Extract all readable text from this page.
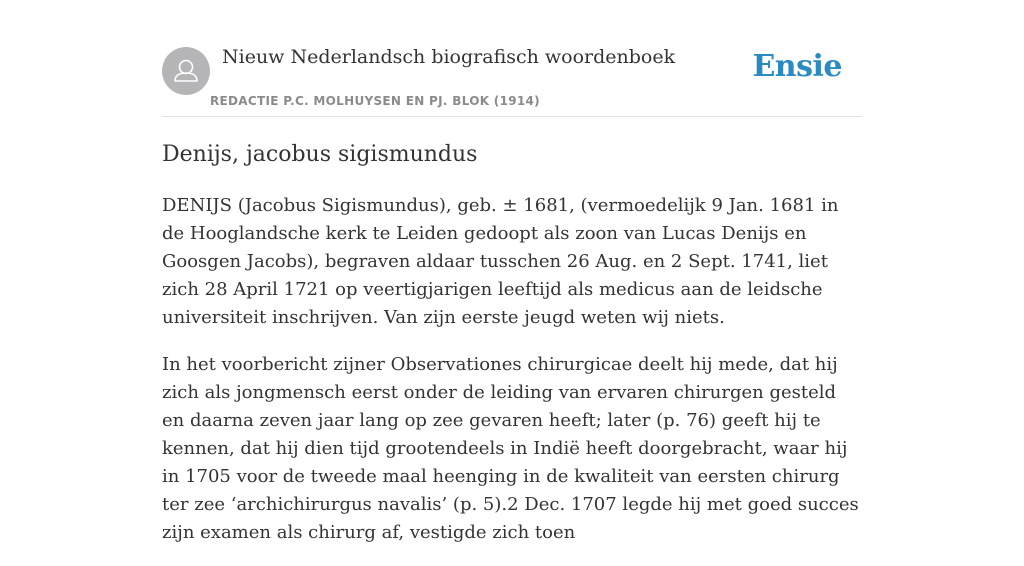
Nieuw Nederlandsch biografisch woordenboek
REDACTIE P.C. MOLHUYSEN EN PJ. BLOK (1914)
Ensie
Denijs, jacobus sigismundus

DENIJS (Jacobus Sigismundus), geb. ± 1681, (vermoedelijk 9 Jan. 1681 in de Hooglandsche kerk te Leiden gedoopt als zoon van Lucas Denijs en Goosgen Jacobs), begraven aldaar tusschen 26 Aug. en 2 Sept. 1741, liet zich 28 April 1721 op veertigjarigen leeftijd als medicus aan de leidsche universiteit inschrijven. Van zijn eerste jeugd weten wij niets.

In het voorbericht zijner Observationes chirurgicae deelt hij mede, dat hij zich als jongmensch eerst onder de leiding van ervaren chirurgen gesteld en daarna zeven jaar lang op zee gevaren heeft; later (p. 76) geeft hij te kennen, dat hij dien tijd grootendeels in Indië heeft doorgebracht, waar hij in 1705 voor de tweede maal heenging in de kwaliteit van eersten chirurg ter zee ‘archichirurgus navalis’ (p. 5).2 Dec. 1707 legde hij met goed succes zijn examen als chirurg af, vestigde zich toen
